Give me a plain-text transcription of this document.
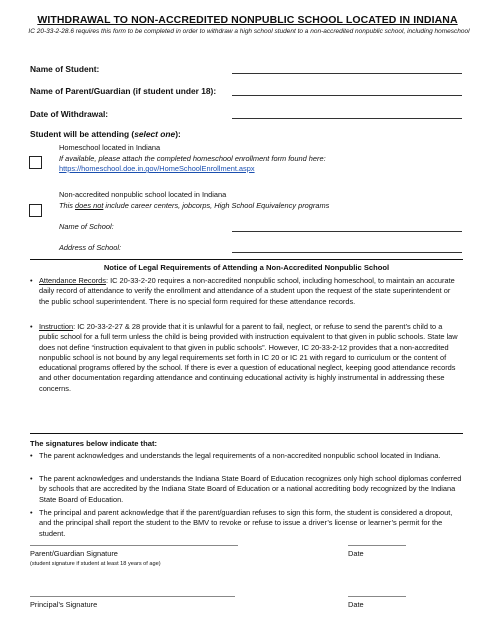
WITHDRAWAL TO NON-ACCREDITED NONPUBLIC SCHOOL LOCATED IN INDIANA
IC 20-33-2-28.6 requires this form to be completed in order to withdraw a high school student to a non-accredited nonpublic school, including homeschool
Name of Student:
Name of Parent/Guardian (if student under 18):
Date of Withdrawal:
Student will be attending (select one):
Homeschool located in Indiana
If available, please attach the completed homeschool enrollment form found here:
https://homeschool.doe.in.gov/HomeSchoolEnrollment.aspx
Non-accredited nonpublic school located in Indiana
This does not include career centers, jobcorps, High School Equivalency programs
Name of School:
Address of School:
Notice of Legal Requirements of Attending a Non-Accredited Nonpublic School
• Attendance Records: IC 20-33-2-20 requires a non-accredited nonpublic school, including homeschool, to maintain an accurate daily record of attendance to verify the enrollment and attendance of a student upon the request of the state superintendent or the public school superintendent. There is no special form required for these attendance records.
• Instruction: IC 20-33-2-27 & 28 provide that it is unlawful for a parent to fail, neglect, or refuse to send the parent’s child to a public school for a full term unless the child is being provided with instruction equivalent to that given in public schools. State law does not define “instruction equivalent to that given in public schools”. However, IC 20-33-2-12 provides that a non-accredited nonpublic school is not bound by any legal requirements set forth in IC 20 or IC 21 with regard to curriculum or the content of educational programs offered by the school. If there is ever a question of educational neglect, keeping good attendance records and other documentation regarding attendance and continuing educational activity is highly instrumental in addressing these concerns.
The signatures below indicate that:
• The parent acknowledges and understands the legal requirements of a non-accredited nonpublic school located in Indiana.
• The parent acknowledges and understands the Indiana State Board of Education recognizes only high school diplomas conferred by schools that are accredited by the Indiana State Board of Education or a national accrediting body recognized by the Indiana State Board of Education.
• The principal and parent acknowledge that if the parent/guardian refuses to sign this form, the student is considered a dropout, and the principal shall report the student to the BMV to revoke or refuse to issue a driver’s license or learner’s permit for the student.
Parent/Guardian Signature	Date
(student signature if student at least 18 years of age)
Principal’s Signature	Date
